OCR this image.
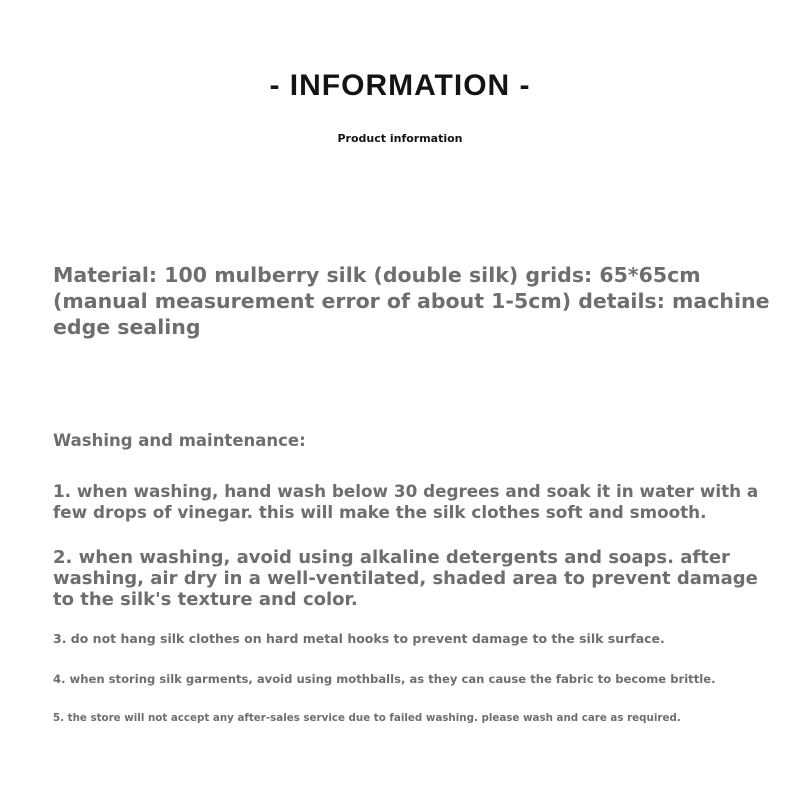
- INFORMATION -
Product information

Material: 100 mulberry silk (double silk) grids: 65*65cm (manual measurement error of about 1-5cm) details: machine edge sealing

Washing and maintenance:

1. when washing, hand wash below 30 degrees and soak it in water with a few drops of vinegar. this will make the silk clothes soft and smooth.

2. when washing, avoid using alkaline detergents and soaps. after washing, air dry in a well-ventilated, shaded area to prevent damage to the silk's texture and color.

3. do not hang silk clothes on hard metal hooks to prevent damage to the silk surface.

4. when storing silk garments, avoid using mothballs, as they can cause the fabric to become brittle.

5. the store will not accept any after-sales service due to failed washing. please wash and care as required.
